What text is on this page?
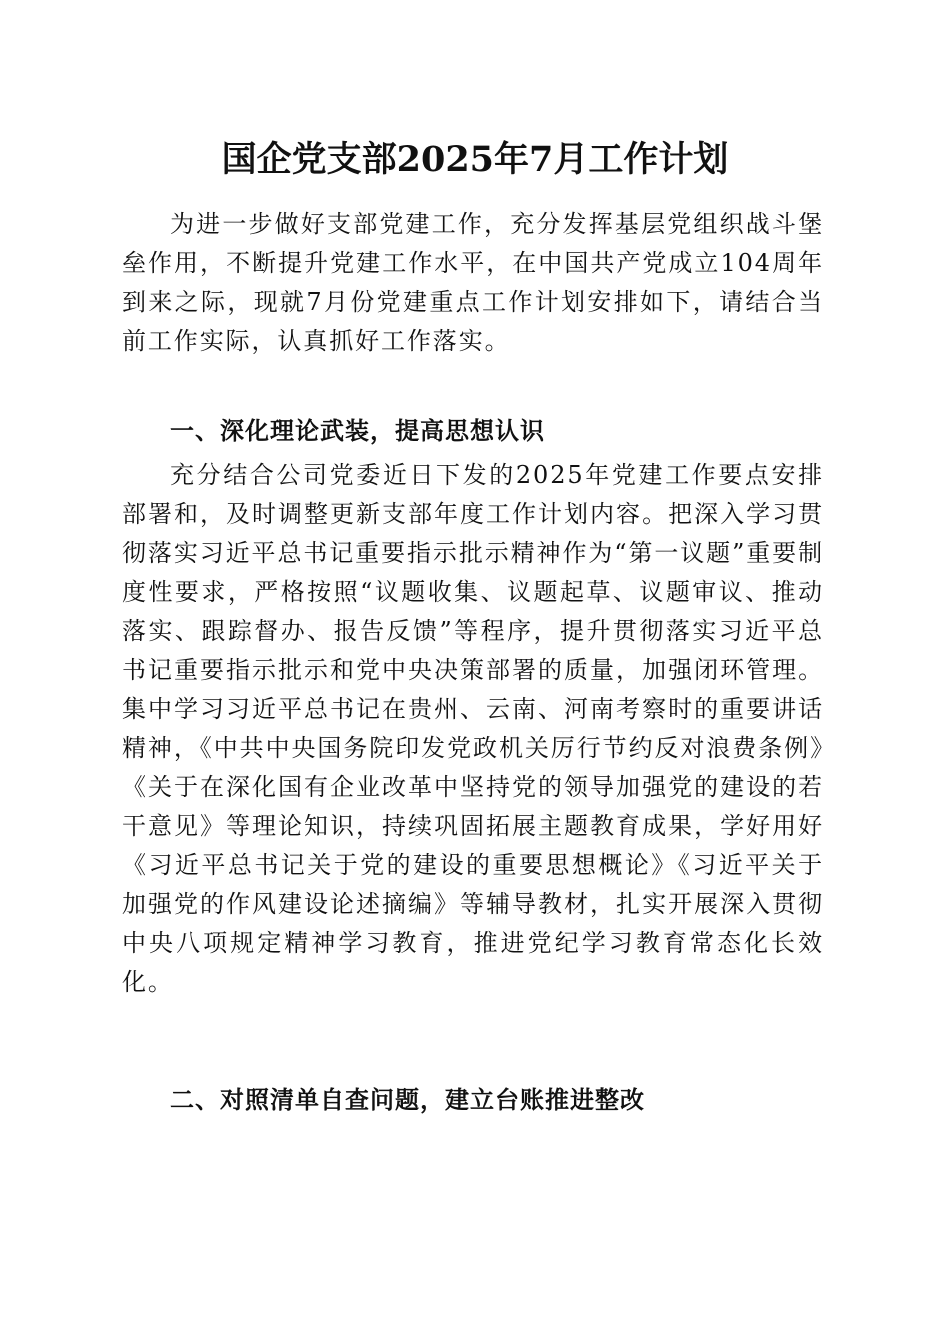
国企党支部2025年7月工作计划

为进一步做好支部党建工作，充分发挥基层党组织战斗堡垒作用，不断提升党建工作水平，在中国共产党成立104周年到来之际，现就7月份党建重点工作计划安排如下，请结合当前工作实际，认真抓好工作落实。

一、深化理论武装，提高思想认识

充分结合公司党委近日下发的2025年党建工作要点安排部署和，及时调整更新支部年度工作计划内容。把深入学习贯彻落实习近平总书记重要指示批示精神作为“第一议题”重要制度性要求，严格按照“议题收集、议题起草、议题审议、推动落实、跟踪督办、报告反馈”等程序，提升贯彻落实习近平总书记重要指示批示和党中央决策部署的质量，加强闭环管理。集中学习习近平总书记在贵州、云南、河南考察时的重要讲话精神，《中共中央国务院印发党政机关厉行节约反对浪费条例》《关于在深化国有企业改革中坚持党的领导加强党的建设的若干意见》等理论知识，持续巩固拓展主题教育成果，学好用好《习近平总书记关于党的建设的重要思想概论》《习近平关于加强党的作风建设论述摘编》等辅导教材，扎实开展深入贯彻中央八项规定精神学习教育，推进党纪学习教育常态化长效化。

二、对照清单自查问题，建立台账推进整改
